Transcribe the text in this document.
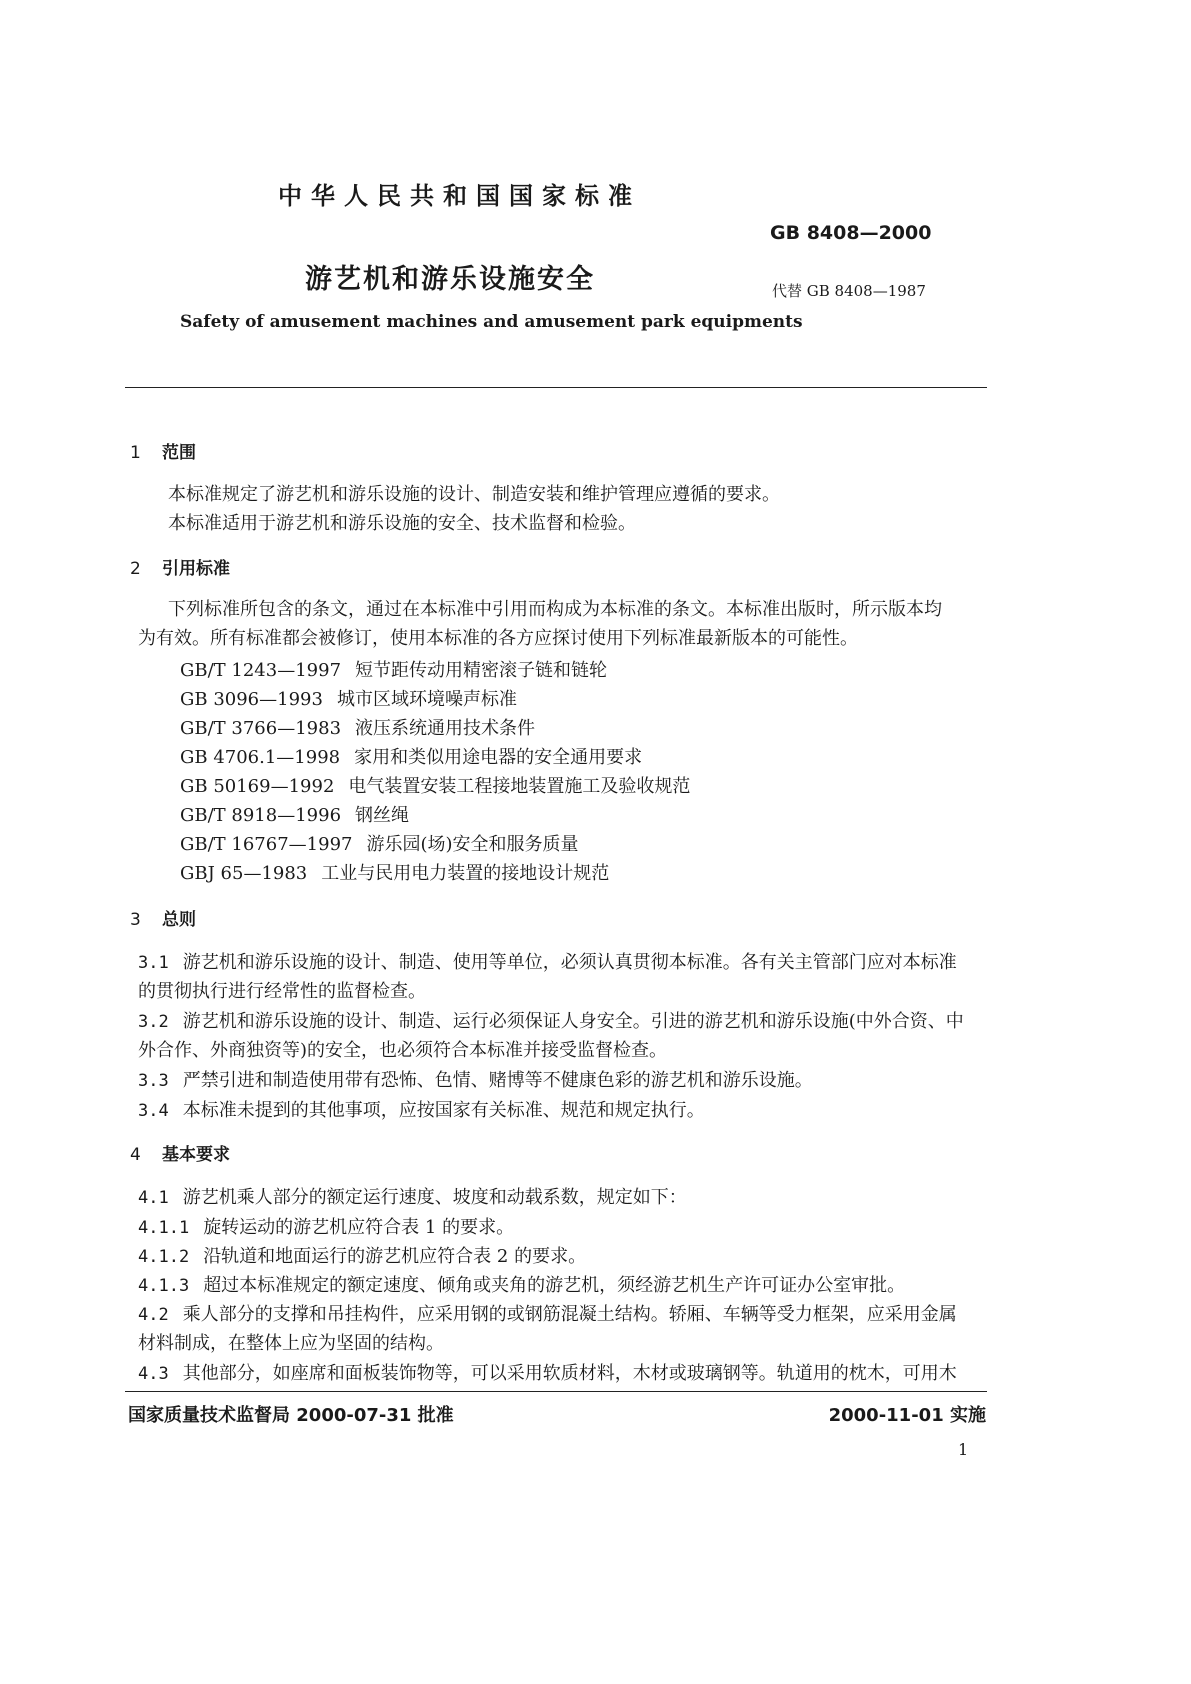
中华人民共和国国家标准
GB 8408—2000
游艺机和游乐设施安全	代替 GB 8408—1987
Safety of amusement machines and amusement park equipments
1 范围
本标准规定了游艺机和游乐设施的设计、制造安装和维护管理应遵循的要求。
本标准适用于游艺机和游乐设施的安全、技术监督和检验。
2 引用标准
下列标准所包含的条文，通过在本标准中引用而构成为本标准的条文。本标准出版时，所示版本均
为有效。所有标准都会被修订，使用本标准的各方应探讨使用下列标准最新版本的可能性。
GB/T 1243—1997 短节距传动用精密滚子链和链轮
GB 3096—1993 城市区域环境噪声标准
GB/T 3766—1983 液压系统通用技术条件
GB 4706.1—1998 家用和类似用途电器的安全通用要求
GB 50169—1992 电气装置安装工程接地装置施工及验收规范
GB/T 8918—1996 钢丝绳
GB/T 16767—1997 游乐园(场)安全和服务质量
GBJ 65—1983 工业与民用电力装置的接地设计规范
3 总则
3.1 游艺机和游乐设施的设计、制造、使用等单位，必须认真贯彻本标准。各有关主管部门应对本标准
的贯彻执行进行经常性的监督检查。
3.2 游艺机和游乐设施的设计、制造、运行必须保证人身安全。引进的游艺机和游乐设施(中外合资、中
外合作、外商独资等)的安全，也必须符合本标准并接受监督检查。
3.3 严禁引进和制造使用带有恐怖、色情、赌博等不健康色彩的游艺机和游乐设施。
3.4 本标准未提到的其他事项，应按国家有关标准、规范和规定执行。
4 基本要求
4.1 游艺机乘人部分的额定运行速度、坡度和动载系数，规定如下：
4.1.1 旋转运动的游艺机应符合表 1 的要求。
4.1.2 沿轨道和地面运行的游艺机应符合表 2 的要求。
4.1.3 超过本标准规定的额定速度、倾角或夹角的游艺机，须经游艺机生产许可证办公室审批。
4.2 乘人部分的支撑和吊挂构件，应采用钢的或钢筋混凝土结构。轿厢、车辆等受力框架，应采用金属
材料制成，在整体上应为坚固的结构。
4.3 其他部分，如座席和面板装饰物等，可以采用软质材料，木材或玻璃钢等。轨道用的枕木，可用木
国家质量技术监督局 2000-07-31 批准	2000-11-01 实施
1
